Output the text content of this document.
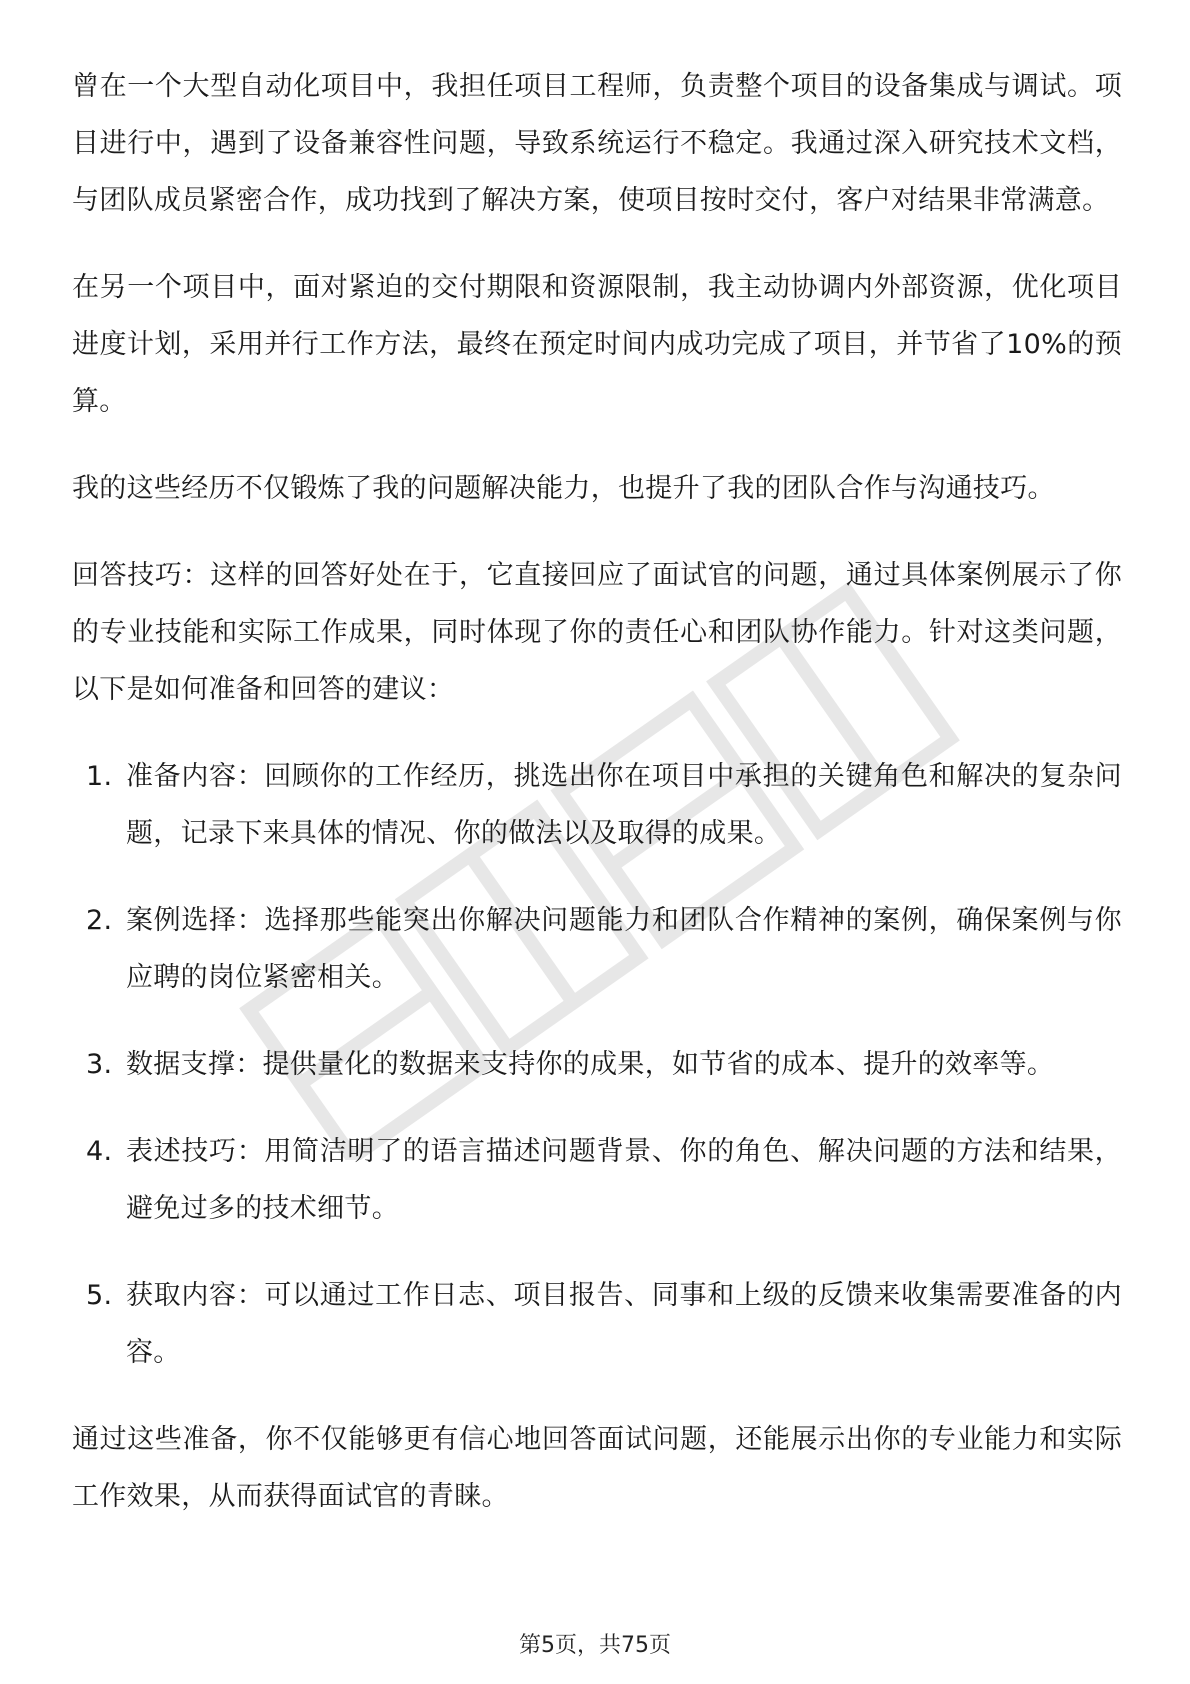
曾在一个大型自动化项目中，我担任项目工程师，负责整个项目的设备集成与调试。项目进行中，遇到了设备兼容性问题，导致系统运行不稳定。我通过深入研究技术文档，与团队成员紧密合作，成功找到了解决方案，使项目按时交付，客户对结果非常满意。

在另一个项目中，面对紧迫的交付期限和资源限制，我主动协调内外部资源，优化项目进度计划，采用并行工作方法，最终在预定时间内成功完成了项目，并节省了10%的预算。

我的这些经历不仅锻炼了我的问题解决能力，也提升了我的团队合作与沟通技巧。

回答技巧：这样的回答好处在于，它直接回应了面试官的问题，通过具体案例展示了你的专业技能和实际工作成果，同时体现了你的责任心和团队协作能力。针对这类问题，以下是如何准备和回答的建议：

1. 准备内容：回顾你的工作经历，挑选出你在项目中承担的关键角色和解决的复杂问题，记录下来具体的情况、你的做法以及取得的成果。
2. 案例选择：选择那些能突出你解决问题能力和团队合作精神的案例，确保案例与你应聘的岗位紧密相关。
3. 数据支撑：提供量化的数据来支持你的成果，如节省的成本、提升的效率等。
4. 表述技巧：用简洁明了的语言描述问题背景、你的角色、解决问题的方法和结果，避免过多的技术细节。
5. 获取内容：可以通过工作日志、项目报告、同事和上级的反馈来收集需要准备的内容。

通过这些准备，你不仅能够更有信心地回答面试问题，还能展示出你的专业能力和实际工作效果，从而获得面试官的青睐。

第5页，共75页
